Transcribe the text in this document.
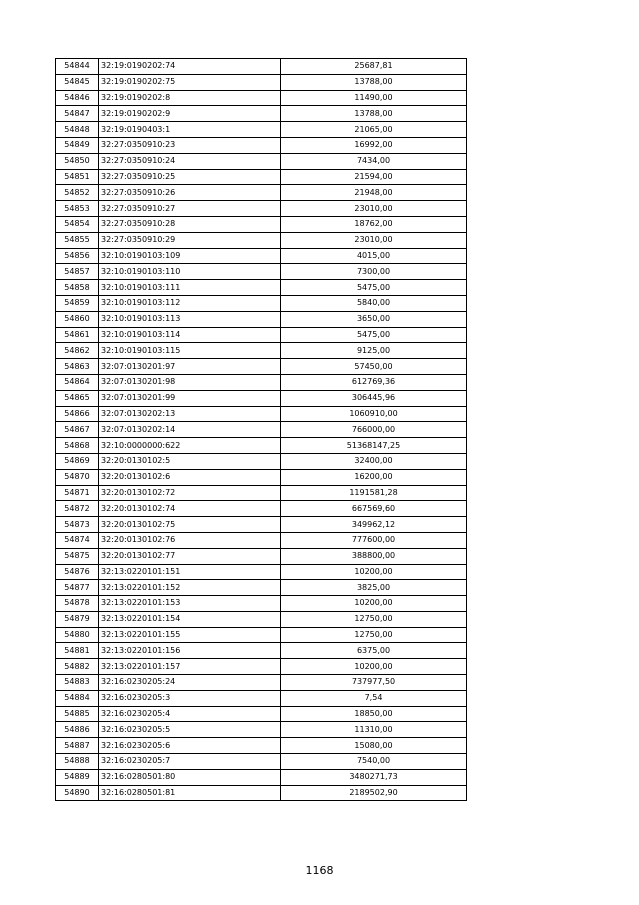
54844	32:19:0190202:74	25687,81
54845	32:19:0190202:75	13788,00
54846	32:19:0190202:8	11490,00
54847	32:19:0190202:9	13788,00
54848	32:19:0190403:1	21065,00
54849	32:27:0350910:23	16992,00
54850	32:27:0350910:24	7434,00
54851	32:27:0350910:25	21594,00
54852	32:27:0350910:26	21948,00
54853	32:27:0350910:27	23010,00
54854	32:27:0350910:28	18762,00
54855	32:27:0350910:29	23010,00
54856	32:10:0190103:109	4015,00
54857	32:10:0190103:110	7300,00
54858	32:10:0190103:111	5475,00
54859	32:10:0190103:112	5840,00
54860	32:10:0190103:113	3650,00
54861	32:10:0190103:114	5475,00
54862	32:10:0190103:115	9125,00
54863	32:07:0130201:97	57450,00
54864	32:07:0130201:98	612769,36
54865	32:07:0130201:99	306445,96
54866	32:07:0130202:13	1060910,00
54867	32:07:0130202:14	766000,00
54868	32:10:0000000:622	51368147,25
54869	32:20:0130102:5	32400,00
54870	32:20:0130102:6	16200,00
54871	32:20:0130102:72	1191581,28
54872	32:20:0130102:74	667569,60
54873	32:20:0130102:75	349962,12
54874	32:20:0130102:76	777600,00
54875	32:20:0130102:77	388800,00
54876	32:13:0220101:151	10200,00
54877	32:13:0220101:152	3825,00
54878	32:13:0220101:153	10200,00
54879	32:13:0220101:154	12750,00
54880	32:13:0220101:155	12750,00
54881	32:13:0220101:156	6375,00
54882	32:13:0220101:157	10200,00
54883	32:16:0230205:24	737977,50
54884	32:16:0230205:3	7,54
54885	32:16:0230205:4	18850,00
54886	32:16:0230205:5	11310,00
54887	32:16:0230205:6	15080,00
54888	32:16:0230205:7	7540,00
54889	32:16:0280501:80	3480271,73
54890	32:16:0280501:81	2189502,90
1168
